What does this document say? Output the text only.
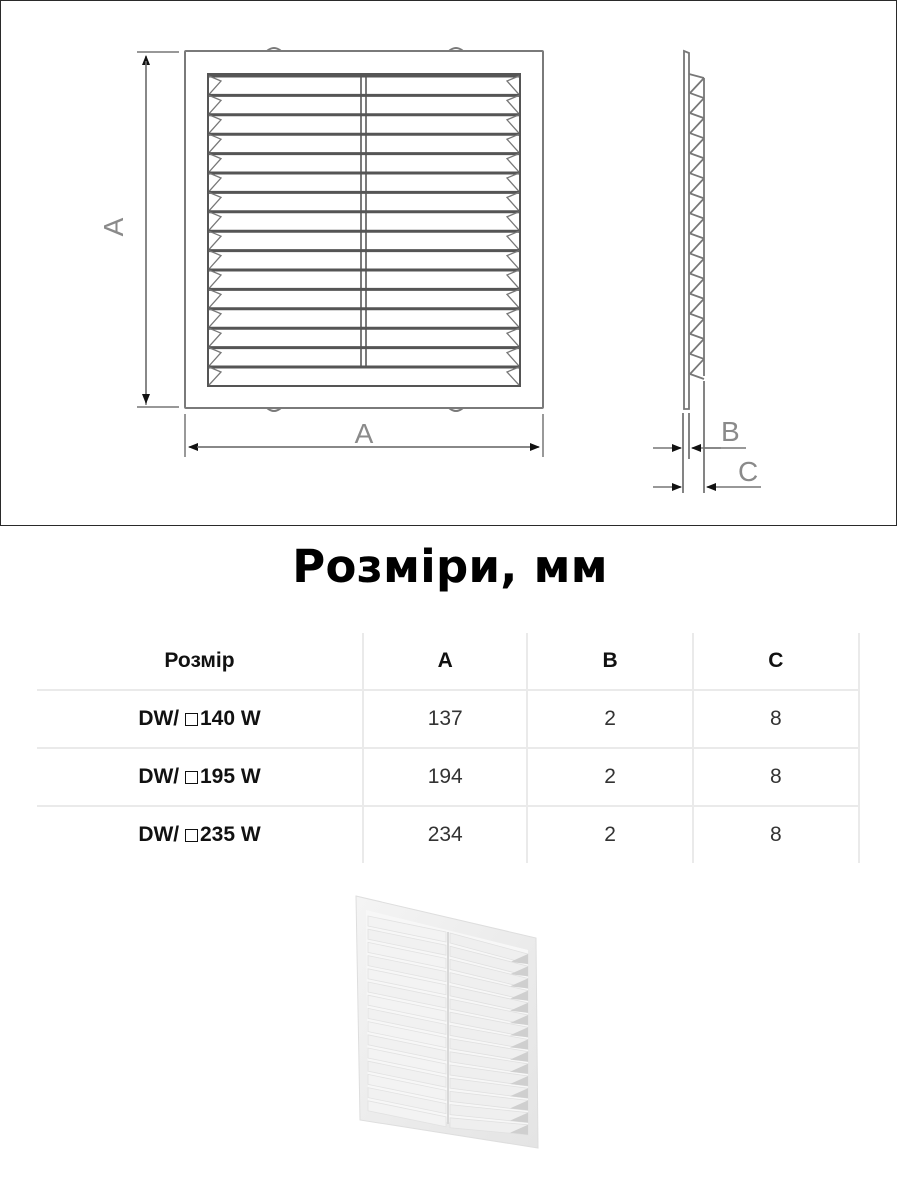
A
A	B
C
Розміри, мм
Розмір	A	B	C
DW/ 140 W	137	2	8
DW/ 195 W	194	2	8
DW/ 235 W	234	2	8
